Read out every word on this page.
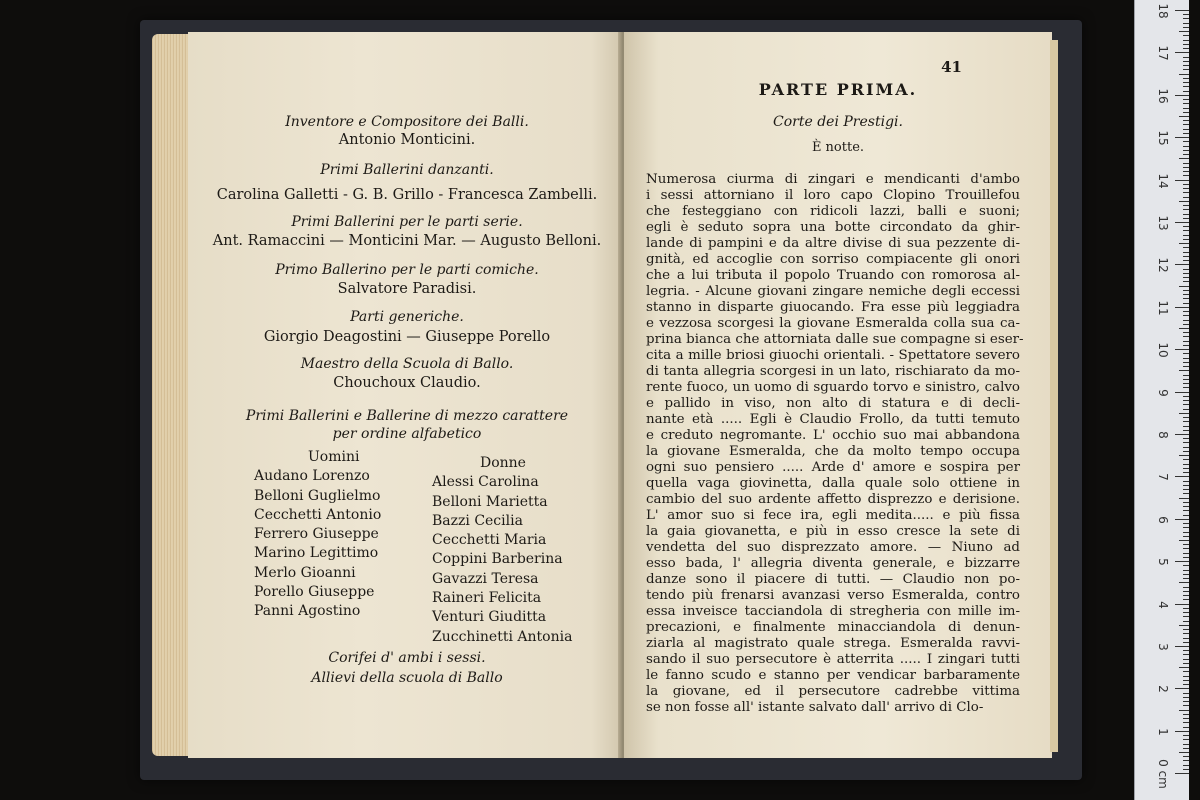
Inventore e Compositore dei Balli.
Antonio Monticini.
Primi Ballerini danzanti.
Carolina Galletti - G. B. Grillo - Francesca Zambelli.
Primi Ballerini per le parti serie.
Ant. Ramaccini — Monticini Mar. — Augusto Belloni.
Primo Ballerino per le parti comiche.
Salvatore Paradisi.
Parti generiche.
Giorgio Deagostini — Giuseppe Porello
Maestro della Scuola di Ballo.
Chouchoux Claudio.
Primi Ballerini e Ballerine di mezzo carattere
per ordine alfabetico
Uomini
Audano Lorenzo
Belloni Guglielmo
Cecchetti Antonio
Ferrero Giuseppe
Marino Legittimo
Merlo Gioanni
Porello Giuseppe
Panni Agostino
Donne
Alessi Carolina
Belloni Marietta
Bazzi Cecilia
Cecchetti Maria
Coppini Barberina
Gavazzi Teresa
Raineri Felicita
Venturi Giuditta
Zucchinetti Antonia
Corifei d' ambi i sessi.
Allievi della scuola di Ballo
41
PARTE PRIMA.
Corte dei Prestigi.
È notte.
Numerosa ciurma di zingari e mendicanti d'ambo
i sessi attorniano il loro capo Clopino Trouillefou
che festeggiano con ridicoli lazzi, balli e suoni;
egli è seduto sopra una botte circondato da ghir-
lande di pampini e da altre divise di sua pezzente di-
gnità, ed accoglie con sorriso compiacente gli onori
che a lui tributa il popolo Truando con romorosa al-
legria. - Alcune giovani zingare nemiche degli eccessi
stanno in disparte giuocando. Fra esse più leggiadra
e vezzosa scorgesi la giovane Esmeralda colla sua ca-
prina bianca che attorniata dalle sue compagne si eser-
cita a mille briosi giuochi orientali. - Spettatore severo
di tanta allegria scorgesi in un lato, rischiarato da mo-
rente fuoco, un uomo di sguardo torvo e sinistro, calvo
e pallido in viso, non alto di statura e di decli-
nante età ..... Egli è Claudio Frollo, da tutti temuto
e creduto negromante. L' occhio suo mai abbandona
la giovane Esmeralda, che da molto tempo occupa
ogni suo pensiero ..... Arde d' amore e sospira per
quella vaga giovinetta, dalla quale solo ottiene in
cambio del suo ardente affetto disprezzo e derisione.
L' amor suo si fece ira, egli medita..... e più fissa
la gaia giovanetta, e più in esso cresce la sete di
vendetta del suo disprezzato amore. — Niuno ad
esso bada, l' allegria diventa generale, e bizzarre
danze sono il piacere di tutti. — Claudio non po-
tendo più frenarsi avanzasi verso Esmeralda, contro
essa inveisce tacciandola di stregheria con mille im-
precazioni, e finalmente minacciandola di denun-
ziarla al magistrato quale strega. Esmeralda ravvi-
sando il suo persecutore è atterrita ..... I zingari tutti
le fanno scudo e stanno per vendicar barbaramente
la giovane, ed il persecutore cadrebbe vittima
se non fosse all' istante salvato dall' arrivo di Clo-
18
17
16
15
14
13
12
11
10
9
8
7
6
5
4
3
2
1
0 cm
